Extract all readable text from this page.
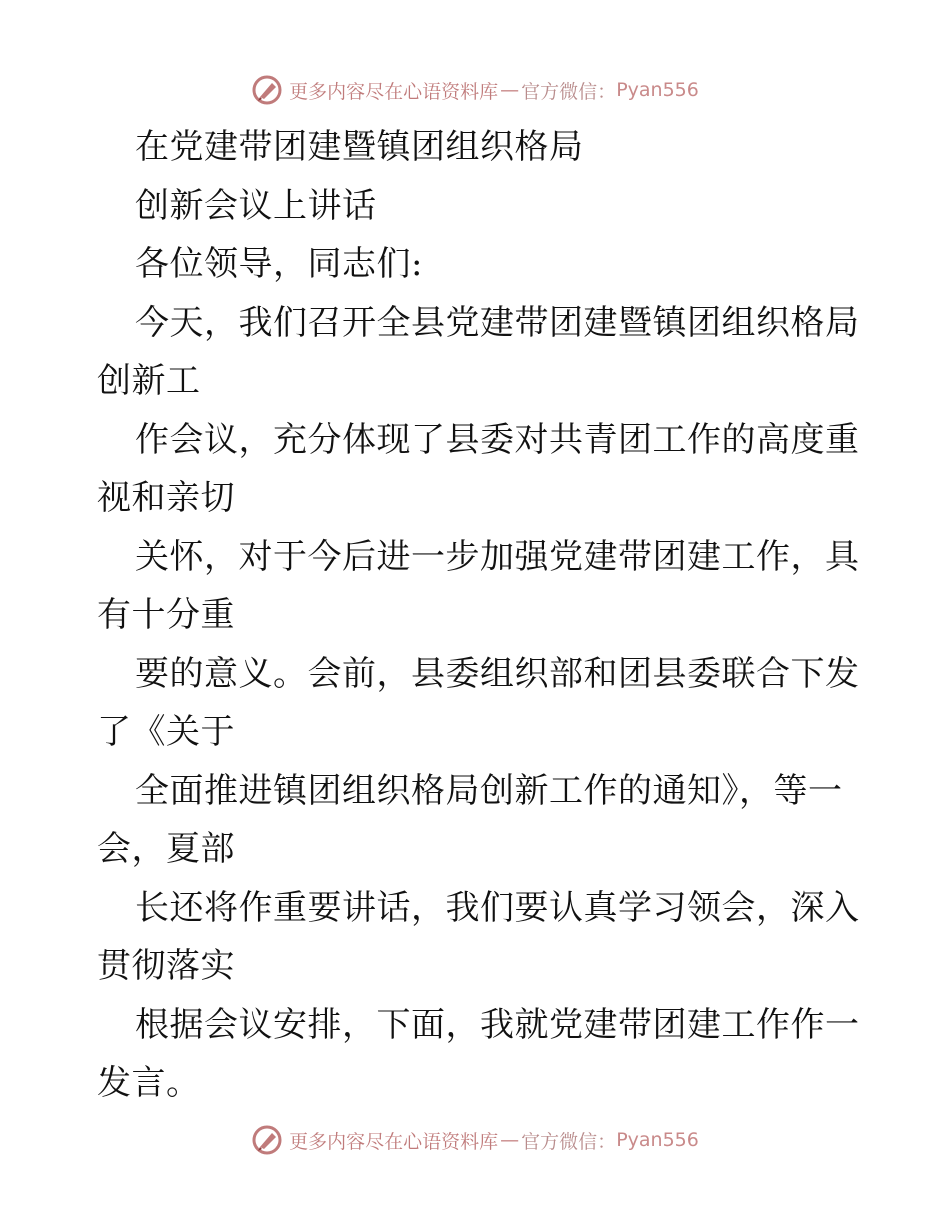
更多内容尽在心语资料库 — 官方微信： Pyan556
在党建带团建暨镇团组织格局
创新会议上讲话
各位领导，同志们:
今天，我们召开全县党建带团建暨镇团组织格局
创新工
作会议，充分体现了县委对共青团工作的高度重
视和亲切
关怀，对于今后进一步加强党建带团建工作，具
有十分重
要的意义。会前，县委组织部和团县委联合下发
了《关于
全面推进镇团组织格局创新工作的通知》，等一
会，夏部
长还将作重要讲话，我们要认真学习领会，深入
贯彻落实
根据会议安排，下面，我就党建带团建工作作一
发言。
更多内容尽在心语资料库 — 官方微信： Pyan556
